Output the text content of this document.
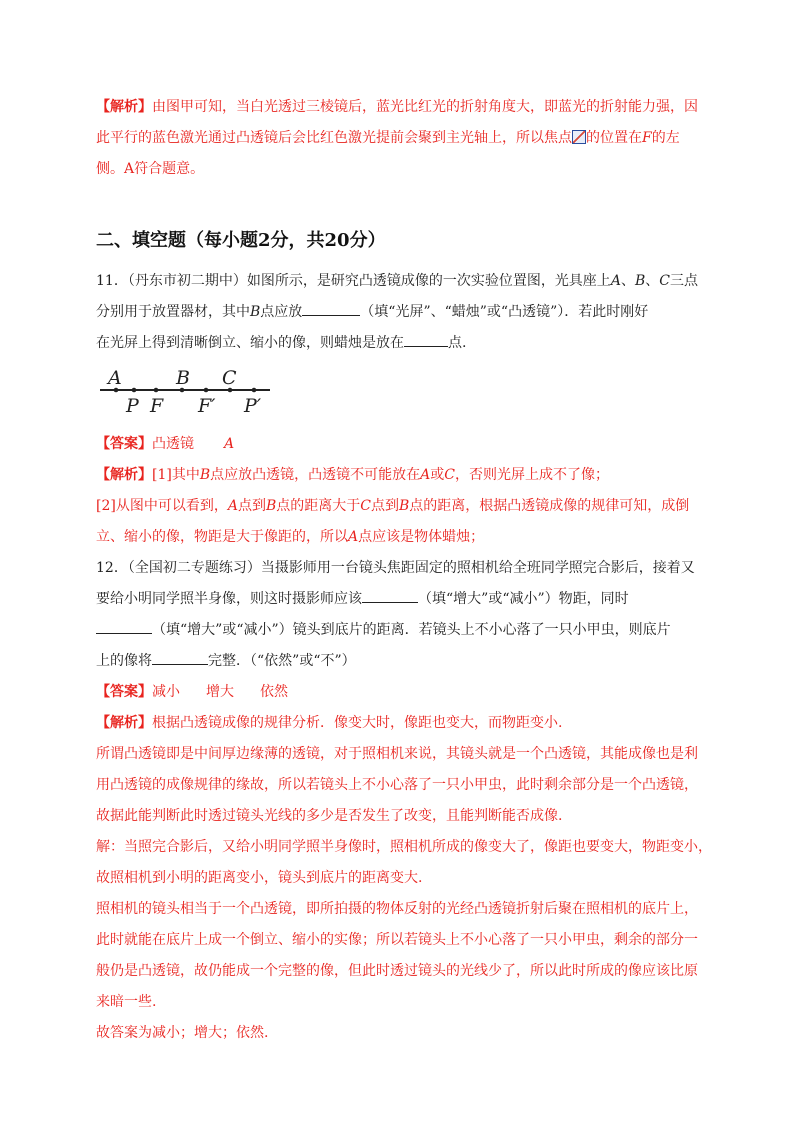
【解析】由图甲可知，当白光透过三棱镜后，蓝光比红光的折射角度大，即蓝光的折射能力强，因
此平行的蓝色激光通过凸透镜后会比红色激光提前会聚到主光轴上，所以焦点 的位置在F的左
侧。A符合题意。
二、填空题（每小题2分，共20分）
11．（丹东市初二期中）如图所示，是研究凸透镜成像的一次实验位置图，光具座上A、B、C三点
分别用于放置器材，其中B点应放	（填“光屏”、“蜡烛”或“凸透镜”）．若此时刚好
在光屏上得到清晰倒立、缩小的像，则蜡烛是放在	点.
A	B C
P F F′ P′
【答案】凸透镜 A
【解析】[1]其中B点应放凸透镜，凸透镜不可能放在A或C，否则光屏上成不了像；
[2]从图中可以看到，A点到B点的距离大于C点到B点的距离，根据凸透镜成像的规律可知，成倒
立、缩小的像，物距是大于像距的，所以A点应该是物体蜡烛；
12．（全国初二专题练习）当摄影师用一台镜头焦距固定的照相机给全班同学照完合影后，接着又
要给小明同学照半身像，则这时摄影师应该	（填“增大”或“减小”）物距，同时
（填“增大”或“减小”）镜头到底片的距离．若镜头上不小心落了一只小甲虫，则底片
上的像将	完整．（“依然”或“不”）
【答案】减小 增大 依然
【解析】根据凸透镜成像的规律分析．像变大时，像距也变大，而物距变小.
所谓凸透镜即是中间厚边缘薄的透镜，对于照相机来说，其镜头就是一个凸透镜，其能成像也是利
用凸透镜的成像规律的缘故，所以若镜头上不小心落了一只小甲虫，此时剩余部分是一个凸透镜，
故据此能判断此时透过镜头光线的多少是否发生了改变，且能判断能否成像.
解：当照完合影后，又给小明同学照半身像时，照相机所成的像变大了，像距也要变大，物距变小，
故照相机到小明的距离变小，镜头到底片的距离变大.
照相机的镜头相当于一个凸透镜，即所拍摄的物体反射的光经凸透镜折射后聚在照相机的底片上，
此时就能在底片上成一个倒立、缩小的实像；所以若镜头上不小心落了一只小甲虫，剩余的部分一
般仍是凸透镜，故仍能成一个完整的像，但此时透过镜头的光线少了，所以此时所成的像应该比原
来暗一些.
故答案为减小；增大；依然.
